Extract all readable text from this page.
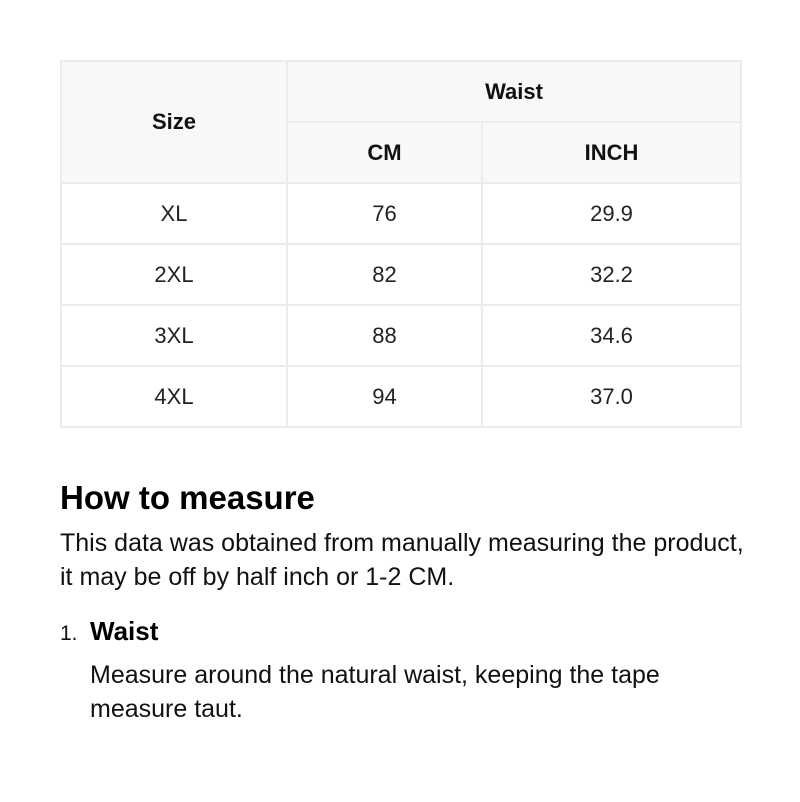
Size	Waist	
	CM	INCH
XL	76	29.9
2XL	82	32.2
3XL	88	34.6
4XL	94	37.0
How to measure

This data was obtained from manually measuring the product, it may be off by half inch or 1-2 CM.

1. Waist
Measure around the natural waist, keeping the tape measure taut.
